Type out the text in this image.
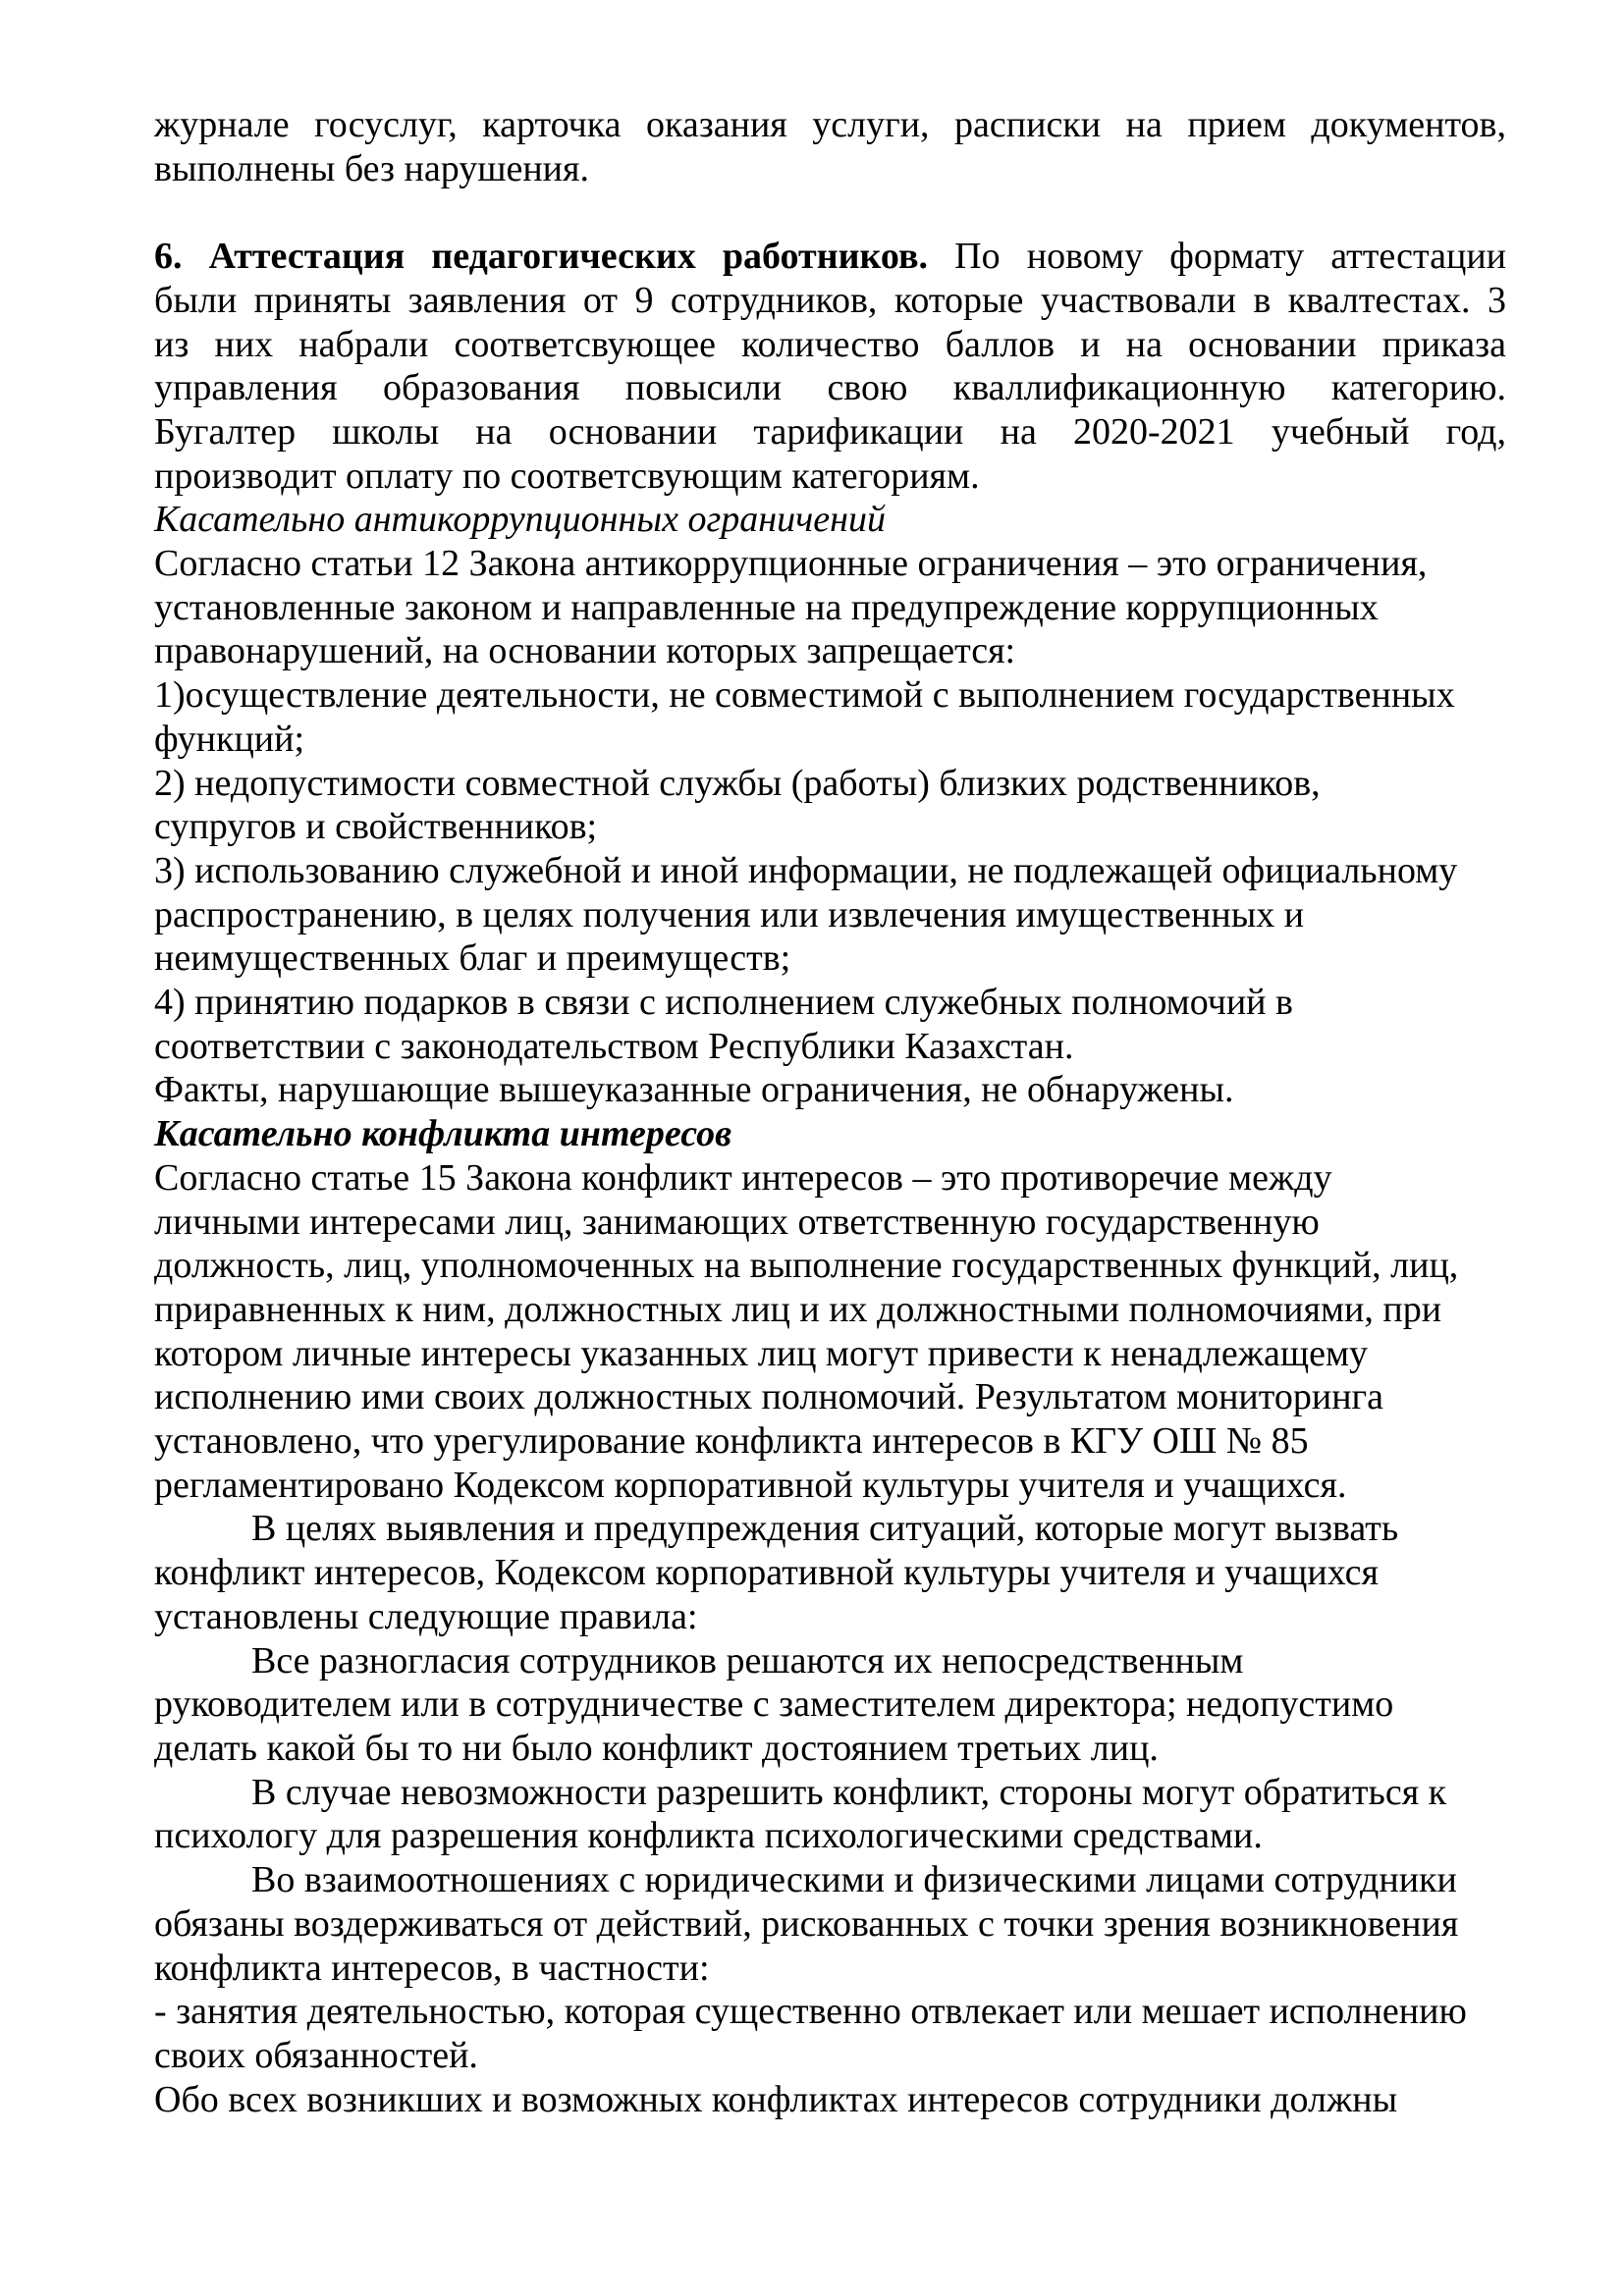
журнале госуслуг, карточка оказания услуги, расписки на прием документов,
выполнены без нарушения.
6. Аттестация педагогических работников. По новому формату аттестации
были приняты заявления от 9 сотрудников, которые участвовали в квалтестах. 3
из них набрали соответсвующее количество баллов и на основании приказа
управления образования повысили свою кваллификационную категорию.
Бугалтер школы на основании тарификации на 2020-2021 учебный год,
производит оплату по соответсвующим категориям.
Касательно антикоррупционных ограничений
Согласно статьи 12 Закона антикоррупционные ограничения – это ограничения,
установленные законом и направленные на предупреждение коррупционных
правонарушений, на основании которых запрещается:
1)осуществление деятельности, не совместимой с выполнением государственных
функций;
2) недопустимости совместной службы (работы) близких родственников,
супругов и свойственников;
3) использованию служебной и иной информации, не подлежащей официальному
распространению, в целях получения или извлечения имущественных и
неимущественных благ и преимуществ;
4) принятию подарков в связи с исполнением служебных полномочий в
соответствии с законодательством Республики Казахстан.
Факты, нарушающие вышеуказанные ограничения, не обнаружены.
Касательно конфликта интересов
Согласно статье 15 Закона конфликт интересов – это противоречие между
личными интересами лиц, занимающих ответственную государственную
должность, лиц, уполномоченных на выполнение государственных функций, лиц,
приравненных к ним, должностных лиц и их должностными полномочиями, при
котором личные интересы указанных лиц могут привести к ненадлежащему
исполнению ими своих должностных полномочий. Результатом мониторинга
установлено, что урегулирование конфликта интересов в КГУ ОШ № 85
регламентировано Кодексом корпоративной культуры учителя и учащихся.
В целях выявления и предупреждения ситуаций, которые могут вызвать
конфликт интересов, Кодексом корпоративной культуры учителя и учащихся
установлены следующие правила:
Все разногласия сотрудников решаются их непосредственным
руководителем или в сотрудничестве с заместителем директора; недопустимо
делать какой бы то ни было конфликт достоянием третьих лиц.
В случае невозможности разрешить конфликт, стороны могут обратиться к
психологу для разрешения конфликта психологическими средствами.
Во взаимоотношениях с юридическими и физическими лицами сотрудники
обязаны воздерживаться от действий, рискованных с точки зрения возникновения
конфликта интересов, в частности:
- занятия деятельностью, которая существенно отвлекает или мешает исполнению
своих обязанностей.
Обо всех возникших и возможных конфликтах интересов сотрудники должны
